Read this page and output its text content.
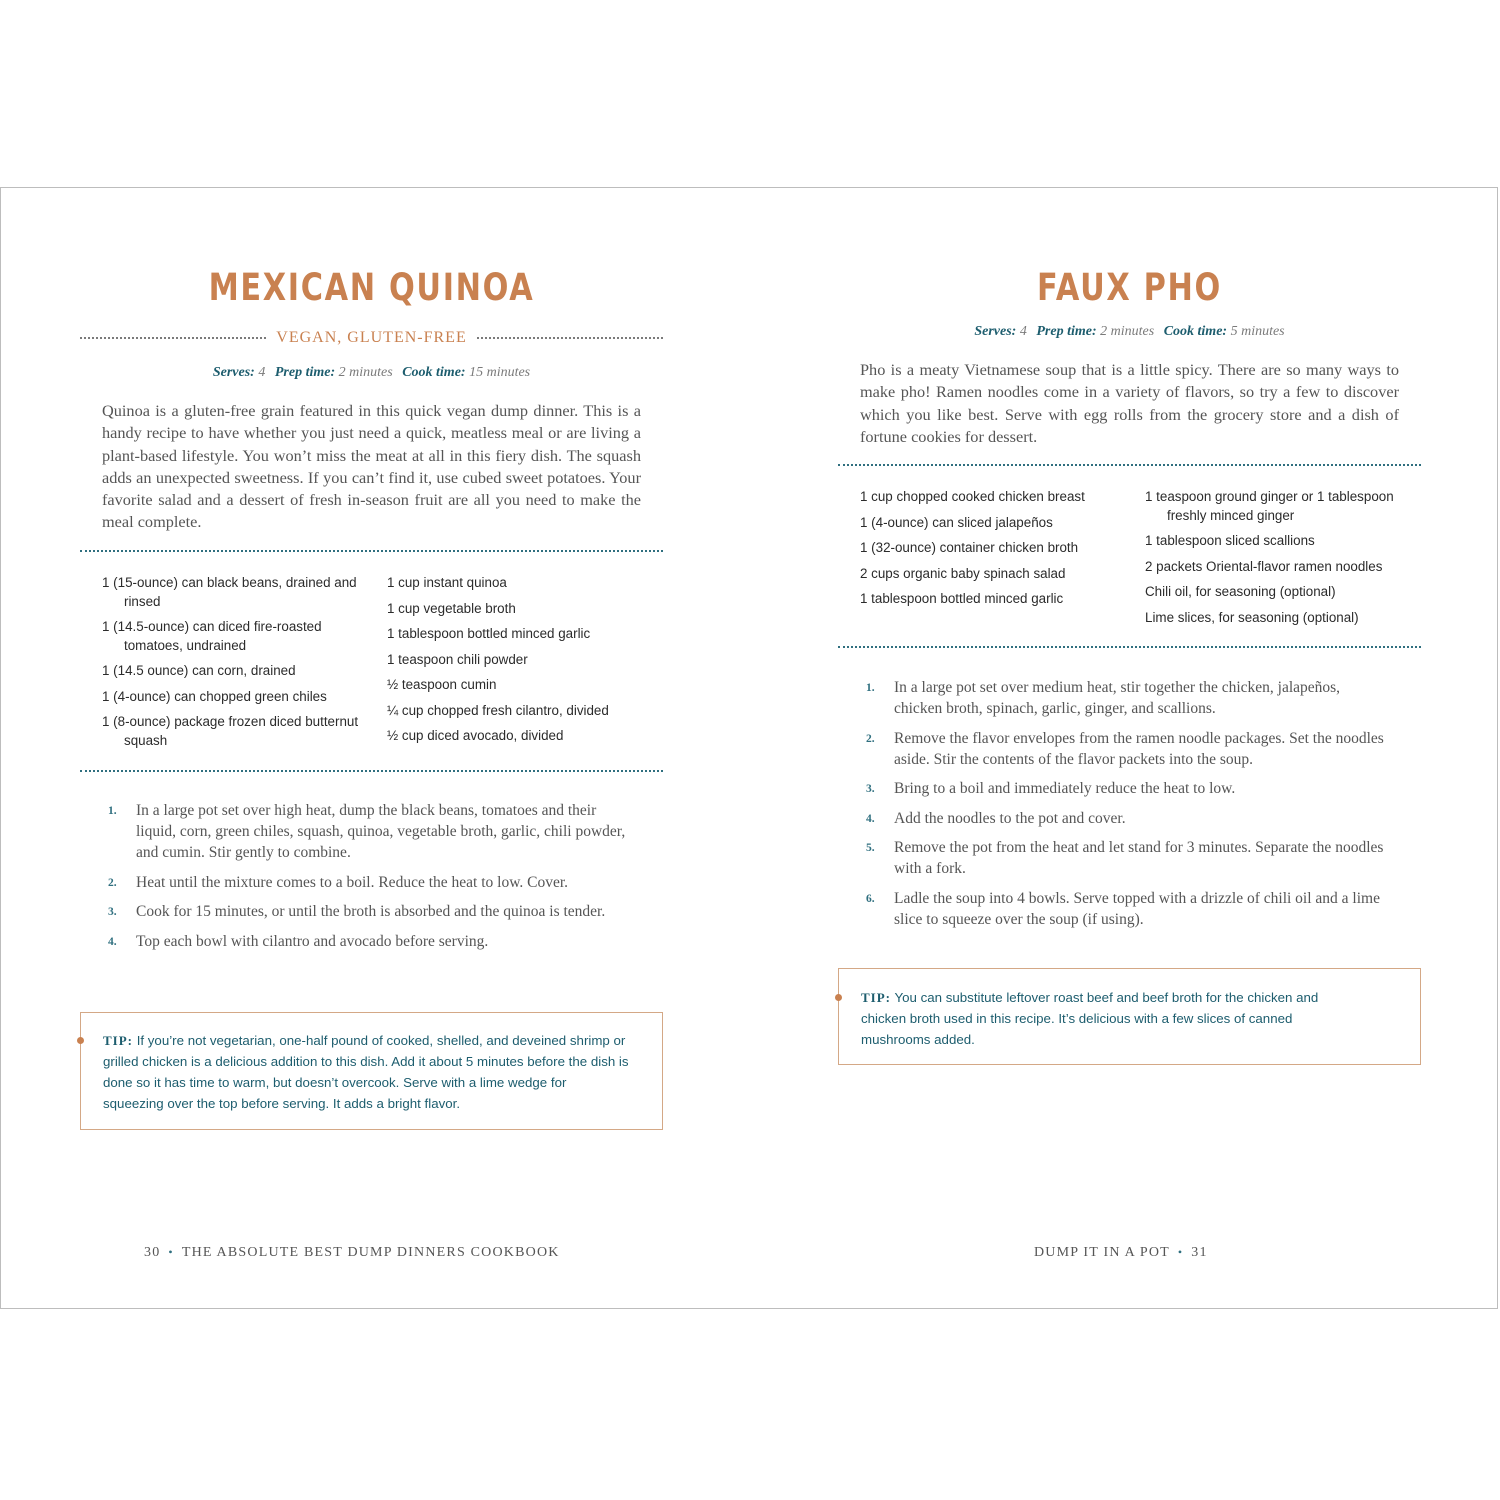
MEXICAN QUINOA
VEGAN, GLUTEN-FREE
Serves: 4 Prep time: 2 minutes Cook time: 15 minutes
Quinoa is a gluten-free grain featured in this quick vegan dump dinner. This is a handy recipe to have whether you just need a quick, meatless meal or are living a plant-based lifestyle. You won’t miss the meat at all in this fiery dish. The squash adds an unexpected sweetness. If you can’t find it, use cubed sweet potatoes. Your favorite salad and a dessert of fresh in-season fruit are all you need to make the meal complete.
1 (15-ounce) can black beans, drained and rinsed
1 (14.5-ounce) can diced fire-roasted tomatoes, undrained
1 (14.5 ounce) can corn, drained
1 (4-ounce) can chopped green chiles
1 (8-ounce) package frozen diced butternut squash
1 cup instant quinoa
1 cup vegetable broth
1 tablespoon bottled minced garlic
1 teaspoon chili powder
½ teaspoon cumin
¼ cup chopped fresh cilantro, divided
½ cup diced avocado, divided
1. In a large pot set over high heat, dump the black beans, tomatoes and their liquid, corn, green chiles, squash, quinoa, vegetable broth, garlic, chili powder, and cumin. Stir gently to combine.
2. Heat until the mixture comes to a boil. Reduce the heat to low. Cover.
3. Cook for 15 minutes, or until the broth is absorbed and the quinoa is tender.
4. Top each bowl with cilantro and avocado before serving.
TIP: If you’re not vegetarian, one-half pound of cooked, shelled, and deveined shrimp or grilled chicken is a delicious addition to this dish. Add it about 5 minutes before the dish is done so it has time to warm, but doesn’t overcook. Serve with a lime wedge for squeezing over the top before serving. It adds a bright flavor.
30 • THE ABSOLUTE BEST DUMP DINNERS COOKBOOK
FAUX PHO
Serves: 4 Prep time: 2 minutes Cook time: 5 minutes
Pho is a meaty Vietnamese soup that is a little spicy. There are so many ways to make pho! Ramen noodles come in a variety of flavors, so try a few to discover which you like best. Serve with egg rolls from the grocery store and a dish of fortune cookies for dessert.
1 cup chopped cooked chicken breast
1 (4-ounce) can sliced jalapeños
1 (32-ounce) container chicken broth
2 cups organic baby spinach salad
1 tablespoon bottled minced garlic
1 teaspoon ground ginger or 1 tablespoon freshly minced ginger
1 tablespoon sliced scallions
2 packets Oriental-flavor ramen noodles
Chili oil, for seasoning (optional)
Lime slices, for seasoning (optional)
1. In a large pot set over medium heat, stir together the chicken, jalapeños, chicken broth, spinach, garlic, ginger, and scallions.
2. Remove the flavor envelopes from the ramen noodle packages. Set the noodles aside. Stir the contents of the flavor packets into the soup.
3. Bring to a boil and immediately reduce the heat to low.
4. Add the noodles to the pot and cover.
5. Remove the pot from the heat and let stand for 3 minutes. Separate the noodles with a fork.
6. Ladle the soup into 4 bowls. Serve topped with a drizzle of chili oil and a lime slice to squeeze over the soup (if using).
TIP: You can substitute leftover roast beef and beef broth for the chicken and chicken broth used in this recipe. It’s delicious with a few slices of canned mushrooms added.
DUMP IT IN A POT • 31
